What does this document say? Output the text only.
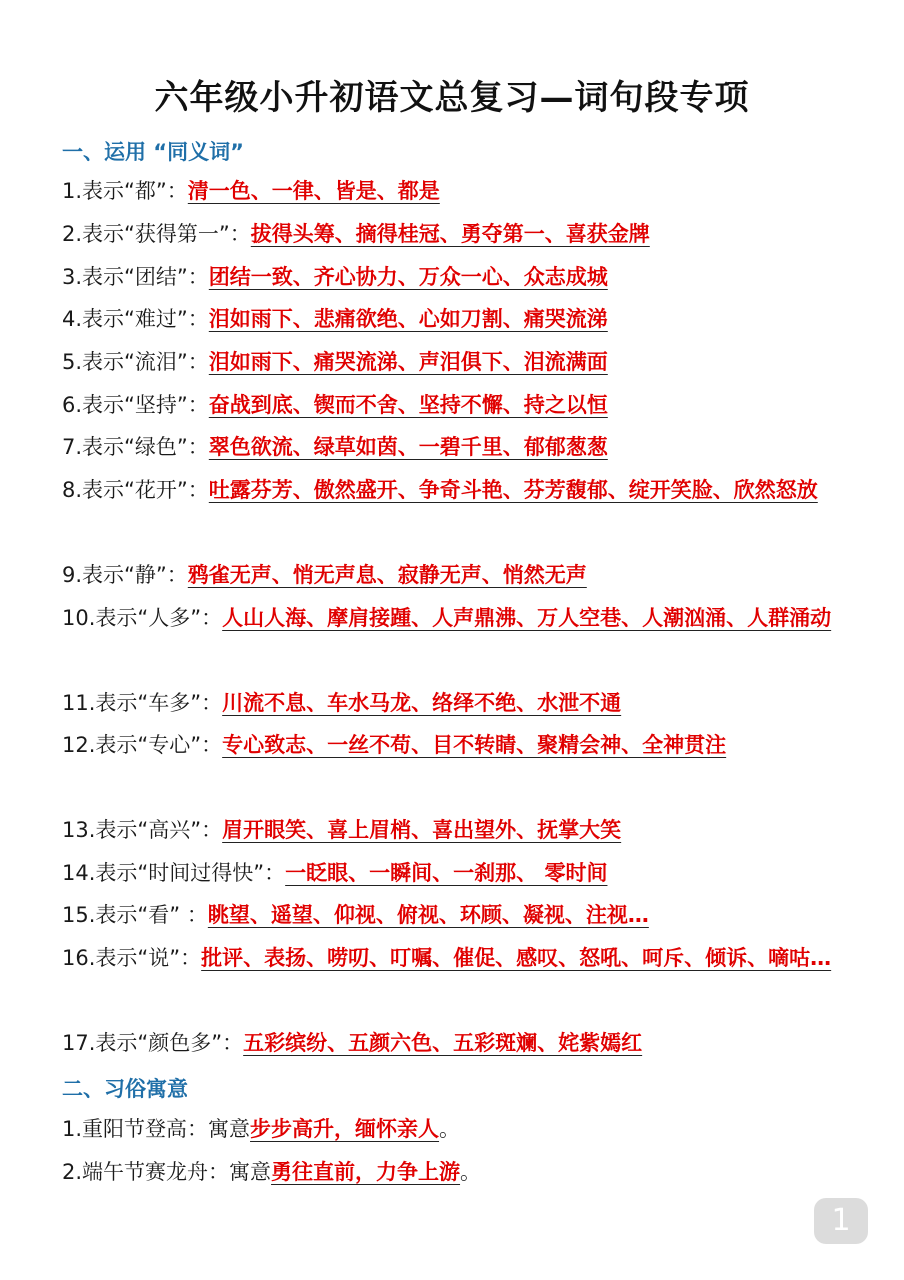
六年级小升初语文总复习—词句段专项
一、运用 “同义词”
1.表示“都”：清一色、一律、皆是、都是
2.表示“获得第一”：拔得头筹、摘得桂冠、勇夺第一、喜获金牌
3.表示“团结”：团结一致、齐心协力、万众一心、众志成城
4.表示“难过”：泪如雨下、悲痛欲绝、心如刀割、痛哭流涕
5.表示“流泪”：泪如雨下、痛哭流涕、声泪俱下、泪流满面
6.表示“坚持”：奋战到底、锲而不舍、坚持不懈、持之以恒
7.表示“绿色”：翠色欲流、绿草如茵、一碧千里、郁郁葱葱
8.表示“花开”：吐露芬芳、傲然盛开、争奇斗艳、芬芳馥郁、绽开笑脸、欣然怒放
9.表示“静”：鸦雀无声、悄无声息、寂静无声、悄然无声
10.表示“人多”：人山人海、摩肩接踵、人声鼎沸、万人空巷、人潮汹涌、人群涌动
11.表示“车多”：川流不息、车水马龙、络绎不绝、水泄不通
12.表示“专心”：专心致志、一丝不苟、目不转睛、聚精会神、全神贯注
13.表示“高兴”：眉开眼笑、喜上眉梢、喜出望外、抚掌大笑
14.表示“时间过得快”：一眨眼、一瞬间、一刹那、 零时间
15.表示“看” ：眺望、遥望、仰视、俯视、环顾、凝视、注视…
16.表示“说”：批评、表扬、唠叨、叮嘱、催促、感叹、怒吼、呵斥、倾诉、嘀咕…
17.表示“颜色多”：五彩缤纷、五颜六色、五彩斑斓、姹紫嫣红
二、习俗寓意
1.重阳节登高：寓意步步高升，缅怀亲人。
2.端午节赛龙舟：寓意勇往直前，力争上游。
1
